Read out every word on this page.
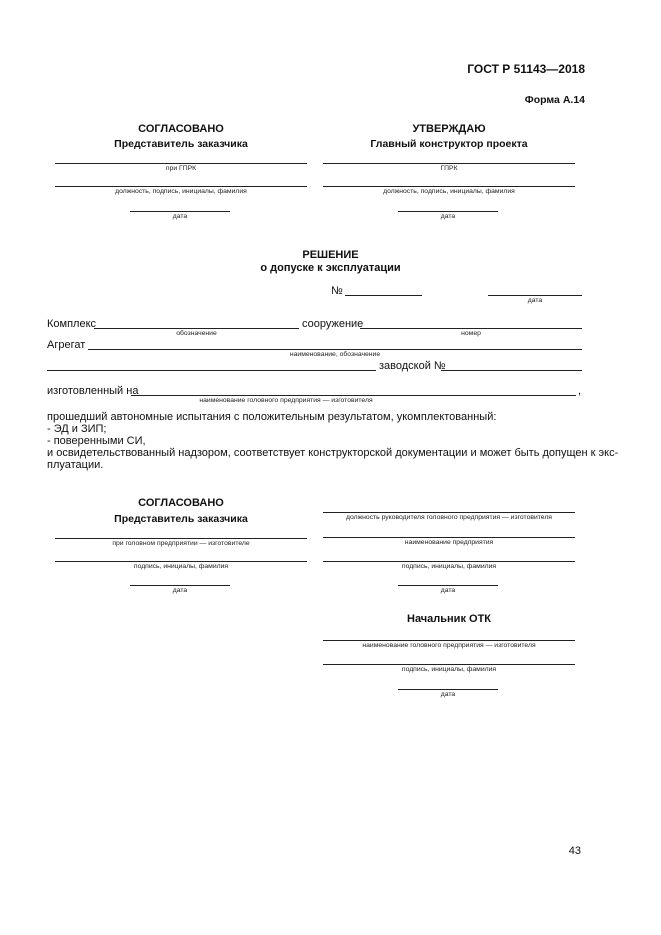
ГОСТ Р 51143—2018
Форма А.14
СОГЛАСОВАНО
Представитель заказчика
при ГПРК
должность, подпись, инициалы, фамилия
дата
УТВЕРЖДАЮ
Главный конструктор проекта
ГПРК
должность, подпись, инициалы, фамилия
дата
РЕШЕНИЕ
о допуске к эксплуатации
№
дата
Комплекс
обозначение
сооружение
номер
Агрегат
наименование, обозначение
заводской №
изготовленный на
наименование головного предприятия — изготовителя
,
прошедший автономные испытания с положительным результатом, укомплектованный:
- ЭД и ЗИП;
- поверенными СИ,
и освидетельствованный надзором, соответствует конструкторской документации и может быть допущен к экс-
плуатации.
СОГЛАСОВАНО
Представитель заказчика
при головном предприятии — изготовителе
подпись, инициалы, фамилия
дата
должность руководителя головного предприятия — изготовителя
наименование предприятия
подпись, инициалы, фамилия
дата
Начальник ОТК
наименование головного предприятия — изготовителя
подпись, инициалы, фамилия
дата
43
